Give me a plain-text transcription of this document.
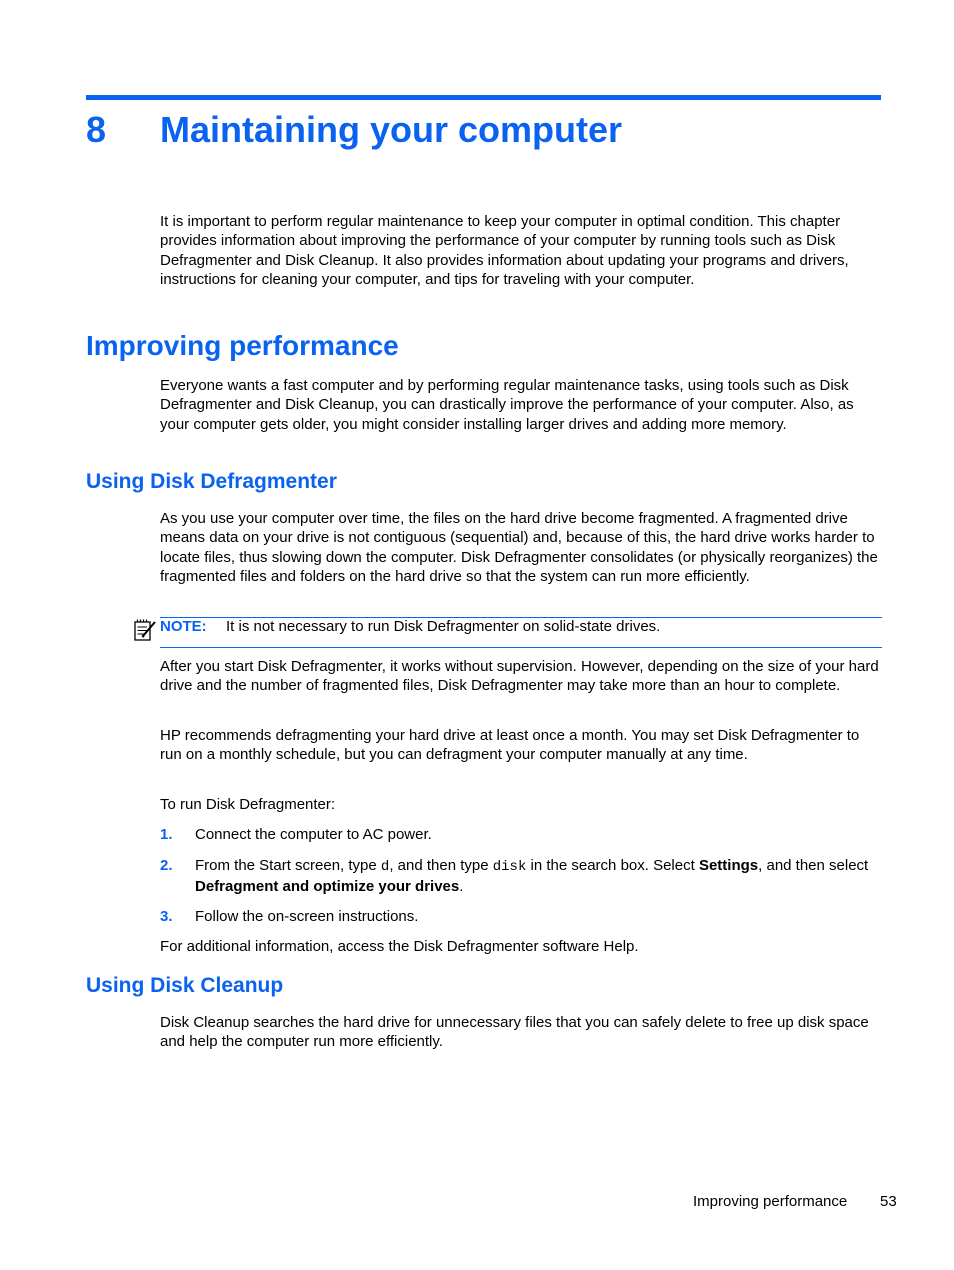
8 Maintaining your computer
It is important to perform regular maintenance to keep your computer in optimal condition. This chapter provides information about improving the performance of your computer by running tools such as Disk Defragmenter and Disk Cleanup. It also provides information about updating your programs and drivers, instructions for cleaning your computer, and tips for traveling with your computer.
Improving performance
Everyone wants a fast computer and by performing regular maintenance tasks, using tools such as Disk Defragmenter and Disk Cleanup, you can drastically improve the performance of your computer. Also, as your computer gets older, you might consider installing larger drives and adding more memory.
Using Disk Defragmenter
As you use your computer over time, the files on the hard drive become fragmented. A fragmented drive means data on your drive is not contiguous (sequential) and, because of this, the hard drive works harder to locate files, thus slowing down the computer. Disk Defragmenter consolidates (or physically reorganizes) the fragmented files and folders on the hard drive so that the system can run more efficiently.
NOTE: It is not necessary to run Disk Defragmenter on solid-state drives.
After you start Disk Defragmenter, it works without supervision. However, depending on the size of your hard drive and the number of fragmented files, Disk Defragmenter may take more than an hour to complete.
HP recommends defragmenting your hard drive at least once a month. You may set Disk Defragmenter to run on a monthly schedule, but you can defragment your computer manually at any time.
To run Disk Defragmenter:
1. Connect the computer to AC power.
2. From the Start screen, type d, and then type disk in the search box. Select Settings, and then select Defragment and optimize your drives.
3. Follow the on-screen instructions.
For additional information, access the Disk Defragmenter software Help.
Using Disk Cleanup
Disk Cleanup searches the hard drive for unnecessary files that you can safely delete to free up disk space and help the computer run more efficiently.
Improving performance 53
